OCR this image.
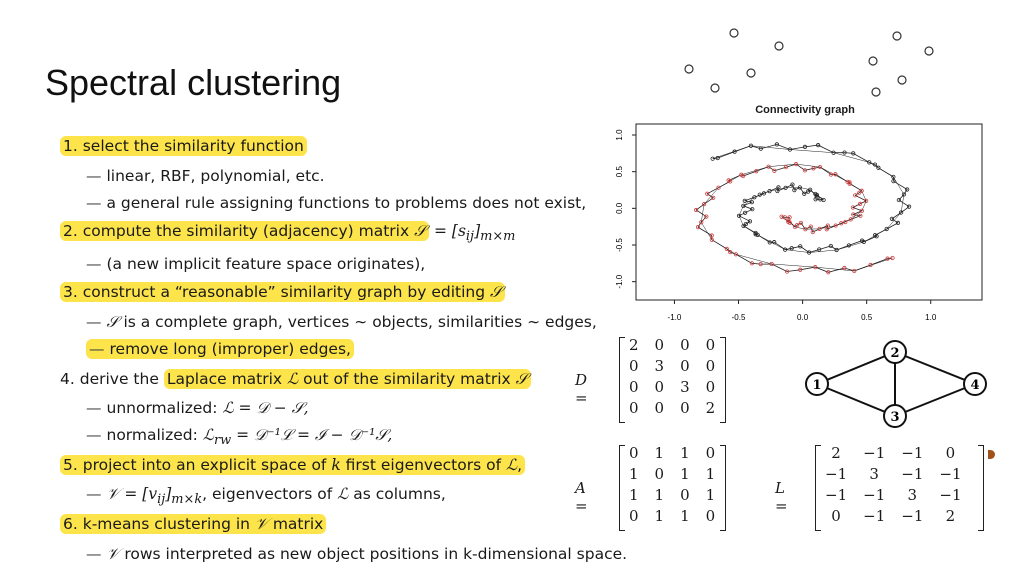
Spectral clustering
1. select the similarity function
— linear, RBF, polynomial, etc.
— a general rule assigning functions to problems does not exist,
2. compute the similarity (adjacency) matrix 𝒮 = $[s_{ij}]_{m\times m}$
— (a new implicit feature space originates),
3. construct a “reasonable” similarity graph by editing 𝒮
— 𝒮 is a complete graph, vertices ∼ objects, similarities ∼ edges,
— remove long (improper) edges,
4. derive the Laplace matrix ℒ out of the similarity matrix 𝒮
— unnormalized: ℒ = 𝒟 − 𝒮,
— normalized: ℒ$_{rw}$ = 𝒟⁻¹ℒ = ℐ − 𝒟⁻¹𝒮,
5. project into an explicit space of k first eigenvectors of ℒ,
— 𝒱 = $[v_{ij}]_{m\times k}$, eigenvectors of ℒ as columns,
6. k-means clustering in 𝒱 matrix
— 𝒱 rows interpreted as new object positions in k-dimensional space.
Connectivity graph
1.0
0.5
0.0
-0.5
-1.0
-1.0	-0.5	0.0	0.5	1.0
D =
2	0	0	0
0	3	0	0
0	0	3	0
0	0	0	2
1
2
3
4
A =
0	1	1	0
1	0	1	1
1	1	0	1
0	1	1	0
L =
2	−1	−1	0
−1	3	−1	−1
−1	−1	3	−1
0	−1	−1	2
